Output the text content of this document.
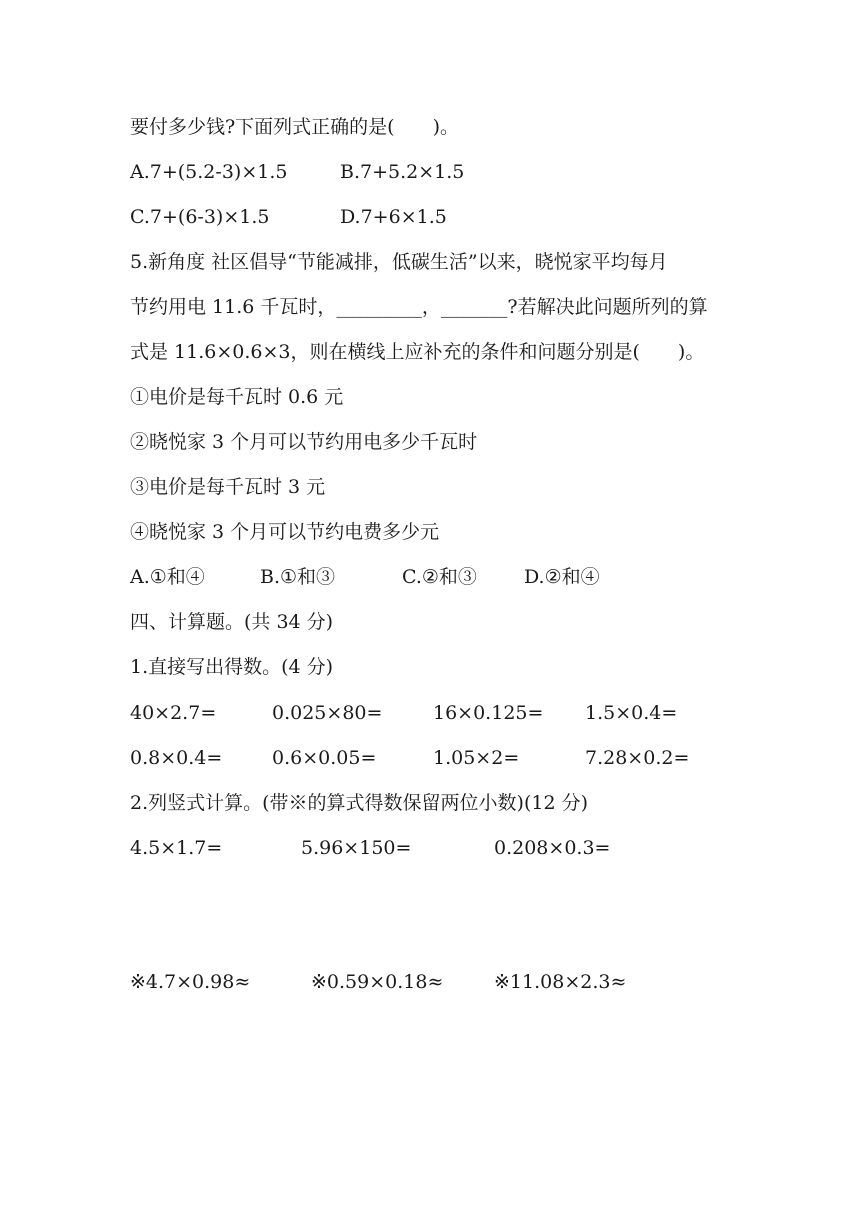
要付多少钱?下面列式正确的是(　　)。
A.7+(5.2-3)×1.5	B.7+5.2×1.5
C.7+(6-3)×1.5	D.7+6×1.5
5.新角度 社区倡导“节能减排，低碳生活”以来，晓悦家平均每月
节约用电 11.6 千瓦时，_________，_______?若解决此问题所列的算
式是 11.6×0.6×3，则在横线上应补充的条件和问题分别是(　　)。
①电价是每千瓦时 0.6 元
②晓悦家 3 个月可以节约用电多少千瓦时
③电价是每千瓦时 3 元
④晓悦家 3 个月可以节约电费多少元
A.①和④	B.①和③	C.②和③ D.②和④
四、计算题。(共 34 分)
1.直接写出得数。(4 分)
40×2.7=	0.025×80=	16×0.125= 1.5×0.4=
0.8×0.4=	0.6×0.05=	1.05×2=	7.28×0.2=
2.列竖式计算。(带※的算式得数保留两位小数)(12 分)
4.5×1.7=	5.96×150=	0.208×0.3=
※4.7×0.98≈	※0.59×0.18≈	※11.08×2.3≈
